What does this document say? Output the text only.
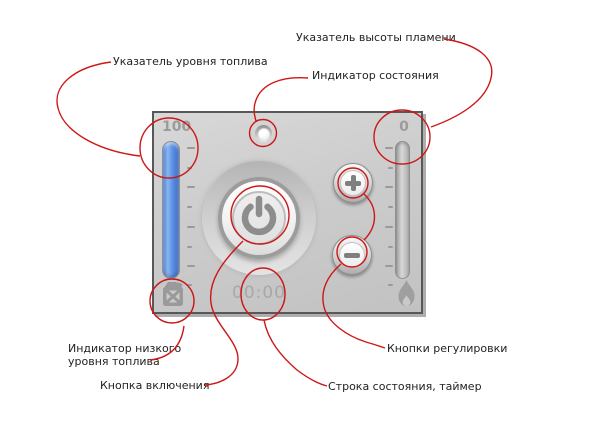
100	0
00:00
Указатель уровня топлива
Указатель высоты пламени
Индикатор состояния
Индикатор низкого
уровня топлива
Кнопка включения	Строка состояния, таймер
Кнопки регулировки
